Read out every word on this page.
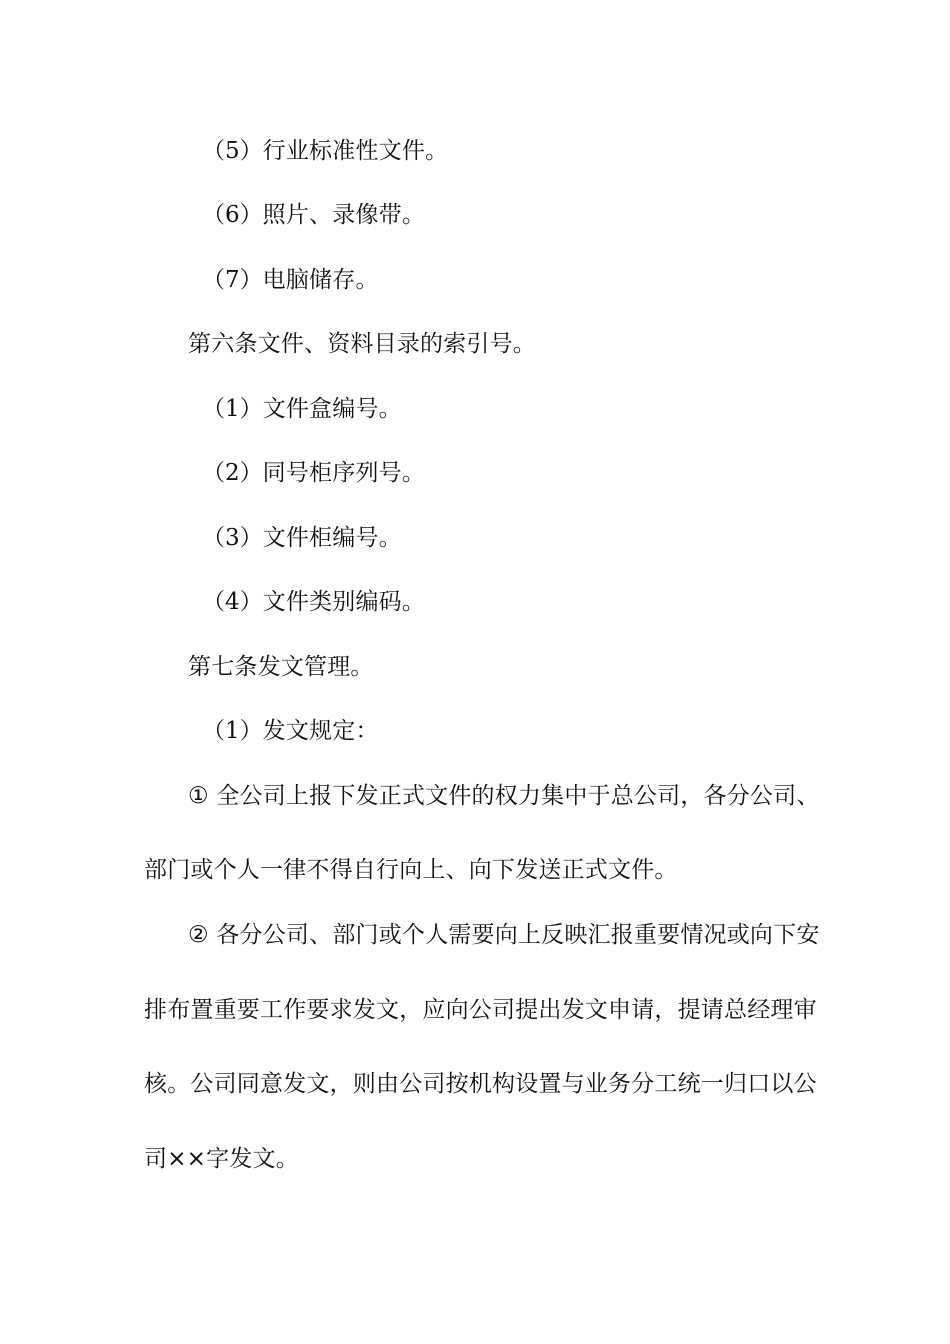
（5）行业标准性文件。
（6）照片、录像带。
（7）电脑储存。
第六条文件、资料目录的索引号。
（1）文件盒编号。
（2）同号柜序列号。
（3）文件柜编号。
（4）文件类别编码。
第七条发文管理。
（1）发文规定：
① 全公司上报下发正式文件的权力集中于总公司，各分公司、
部门或个人一律不得自行向上、向下发送正式文件。
② 各分公司、部门或个人需要向上反映汇报重要情况或向下安
排布置重要工作要求发文，应向公司提出发文申请，提请总经理审
核。公司同意发文，则由公司按机构设置与业务分工统一归口以公
司××字发文。
